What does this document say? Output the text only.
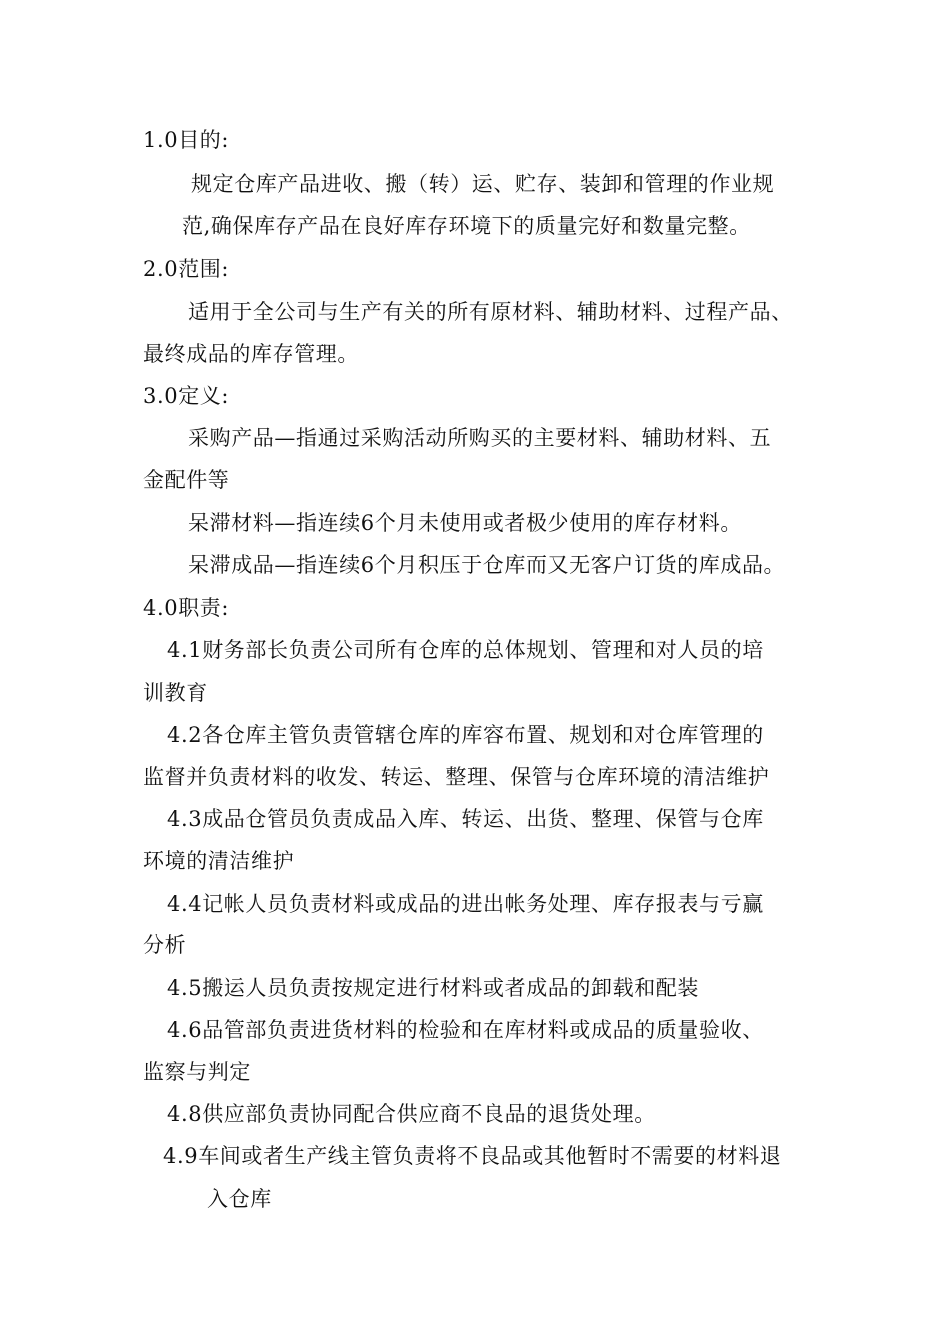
1.0目的:
规定仓库产品进收、搬（转）运、贮存、装卸和管理的作业规
范,确保库存产品在良好库存环境下的质量完好和数量完整。
2.0范围:
适用于全公司与生产有关的所有原材料、辅助材料、过程产品、
最终成品的库存管理。
3.0定义:
采购产品—指通过采购活动所购买的主要材料、辅助材料、五
金配件等
呆滞材料—指连续6个月未使用或者极少使用的库存材料。
呆滞成品—指连续6个月积压于仓库而又无客户订货的库成品。
4.0职责:
4.1财务部长负责公司所有仓库的总体规划、管理和对人员的培
训教育
4.2各仓库主管负责管辖仓库的库容布置、规划和对仓库管理的
监督并负责材料的收发、转运、整理、保管与仓库环境的清洁维护
4.3成品仓管员负责成品入库、转运、出货、整理、保管与仓库
环境的清洁维护
4.4记帐人员负责材料或成品的进出帐务处理、库存报表与亏赢
分析
4.5搬运人员负责按规定进行材料或者成品的卸载和配装
4.6品管部负责进货材料的检验和在库材料或成品的质量验收、
监察与判定
4.8供应部负责协同配合供应商不良品的退货处理。
4.9车间或者生产线主管负责将不良品或其他暂时不需要的材料退
入仓库
